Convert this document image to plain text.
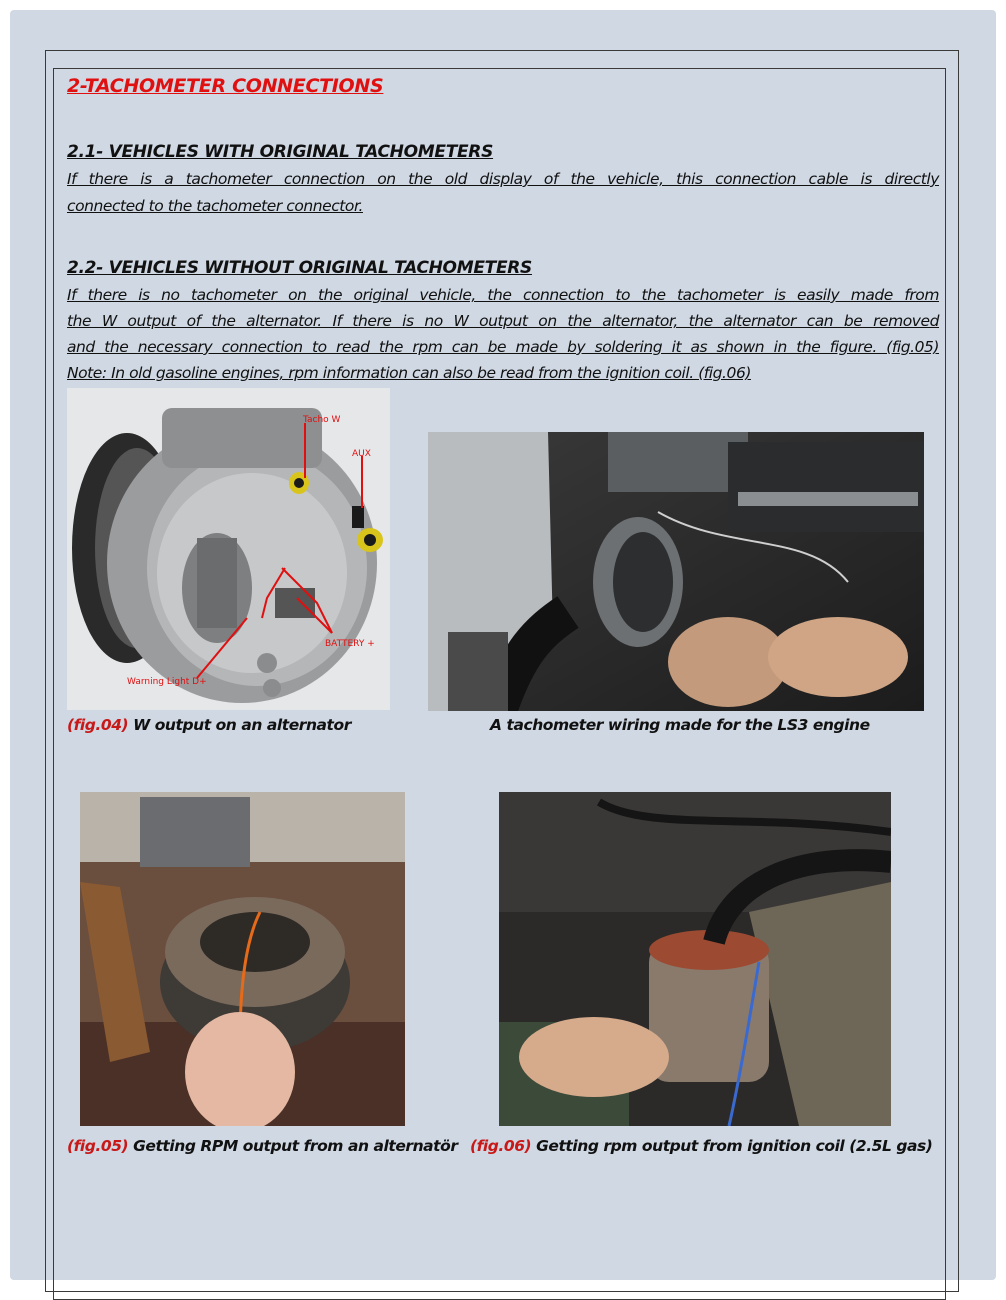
2-TACHOMETER CONNECTIONS
2.1- VEHICLES WITH ORIGINAL TACHOMETERS
If there is a tachometer connection on the old display of the vehicle, this connection cable is directly
connected to the tachometer connector.
2.2- VEHICLES WITHOUT ORIGINAL TACHOMETERS
If there is no tachometer on the original vehicle, the connection to the tachometer is easily made from
the W output of the alternator. If there is no W output on the alternator, the alternator can be removed
and the necessary connection to read the rpm can be made by soldering it as shown in the figure. (fig.05)
Note: In old gasoline engines, rpm information can also be read from the ignition coil. (fig.06)
Tacho W
AUX
BATTERY +
Warning Light D+
(fig.04) W output on an alternator	A tachometer wiring made for the LS3 engine
(fig.05) Getting RPM output from an alternatör (fig.06) Getting rpm output from ignition coil (2.5L gas)
